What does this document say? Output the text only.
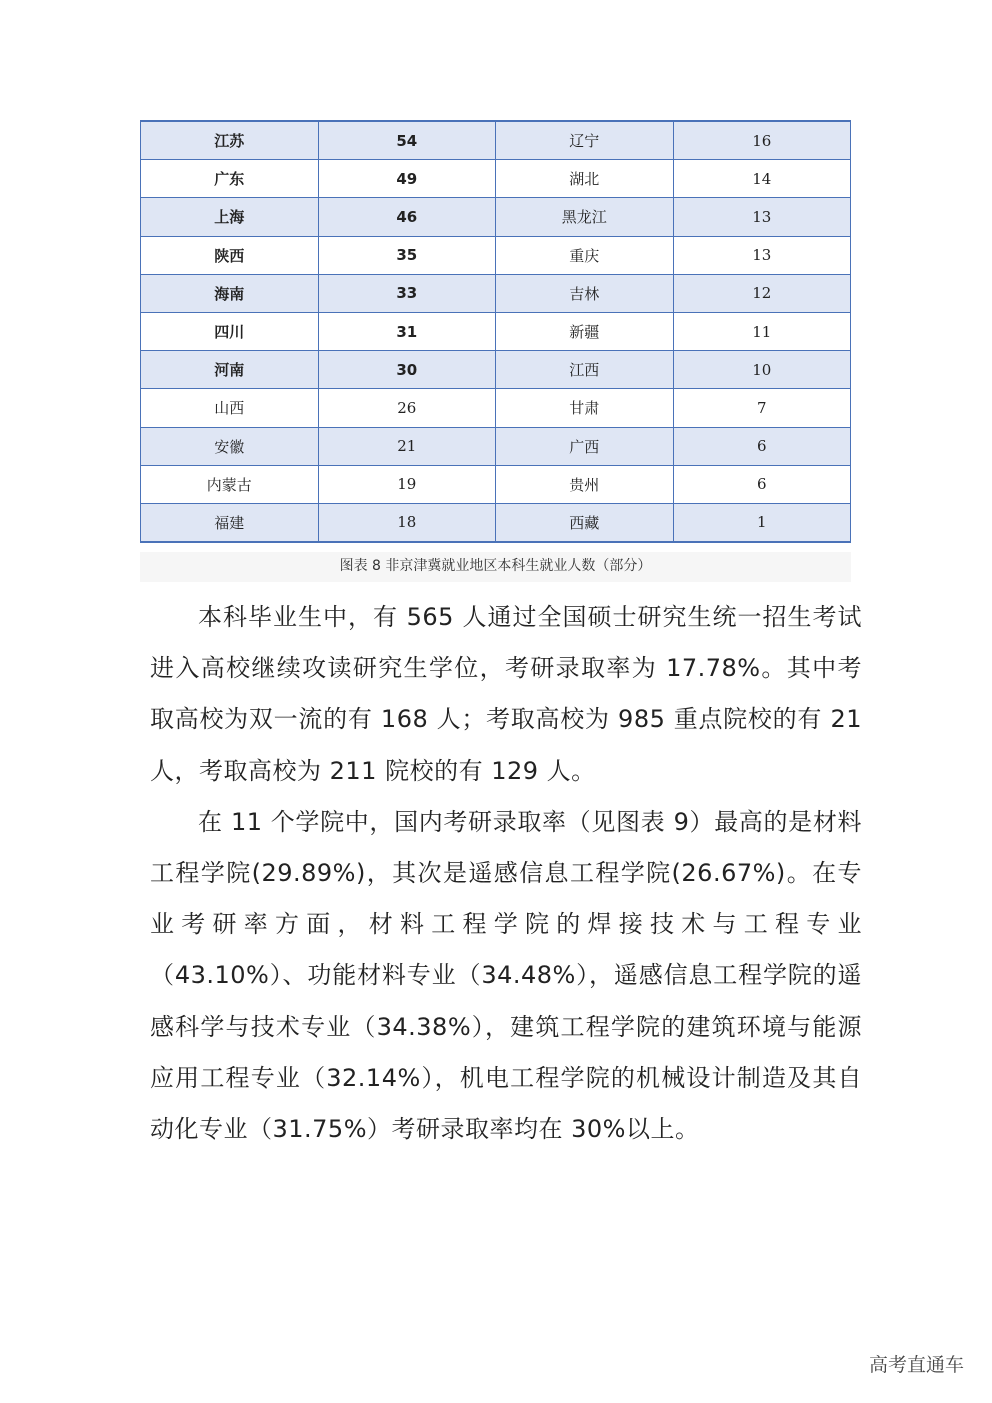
江苏	54	辽宁	16
广东	49	湖北	14
上海	46	黑龙江	13
陕西	35	重庆	13
海南	33	吉林	12
四川	31	新疆	11
河南	30	江西	10
山西	26	甘肃	7
安徽	21	广西	6
内蒙古	19	贵州	6
福建	18	西藏	1
图表 8 非京津冀就业地区本科生就业人数（部分）

本科毕业生中，有 565 人通过全国硕士研究生统一招生考试进入高校继续攻读研究生学位，考研录取率为 17.78%。其中考取高校为双一流的有 168 人；考取高校为 985 重点院校的有 21 人，考取高校为 211 院校的有 129 人。

在 11 个学院中，国内考研录取率（见图表 9）最高的是材料工程学院(29.89%)，其次是遥感信息工程学院(26.67%)。在专业考研率方面，材料工程学院的焊接技术与工程专业（43.10%）、功能材料专业（34.48%），遥感信息工程学院的遥感科学与技术专业（34.38%），建筑工程学院的建筑环境与能源应用工程专业（32.14%），机电工程学院的机械设计制造及其自动化专业（31.75%）考研录取率均在 30%以上。

高考直通车
